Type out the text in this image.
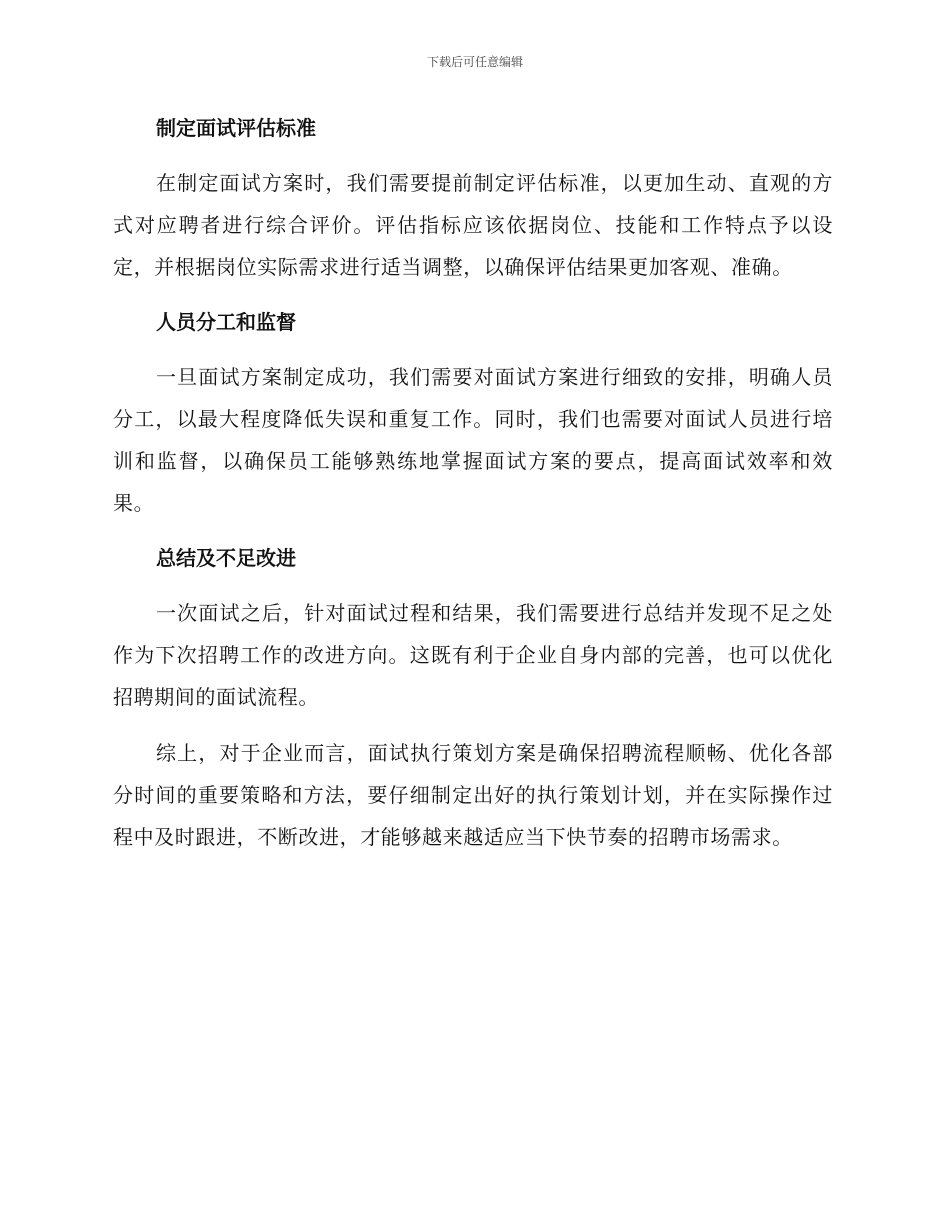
下载后可任意编辑
制定面试评估标准

在制定面试方案时，我们需要提前制定评估标准，以更加生动、直观的方式对应聘者进行综合评价。评估指标应该依据岗位、技能和工作特点予以设定，并根据岗位实际需求进行适当调整，以确保评估结果更加客观、准确。

人员分工和监督

一旦面试方案制定成功，我们需要对面试方案进行细致的安排，明确人员分工，以最大程度降低失误和重复工作。同时，我们也需要对面试人员进行培训和监督，以确保员工能够熟练地掌握面试方案的要点，提高面试效率和效果。

总结及不足改进

一次面试之后，针对面试过程和结果，我们需要进行总结并发现不足之处作为下次招聘工作的改进方向。这既有利于企业自身内部的完善，也可以优化招聘期间的面试流程。

综上，对于企业而言，面试执行策划方案是确保招聘流程顺畅、优化各部分时间的重要策略和方法，要仔细制定出好的执行策划计划，并在实际操作过程中及时跟进，不断改进，才能够越来越适应当下快节奏的招聘市场需求。
